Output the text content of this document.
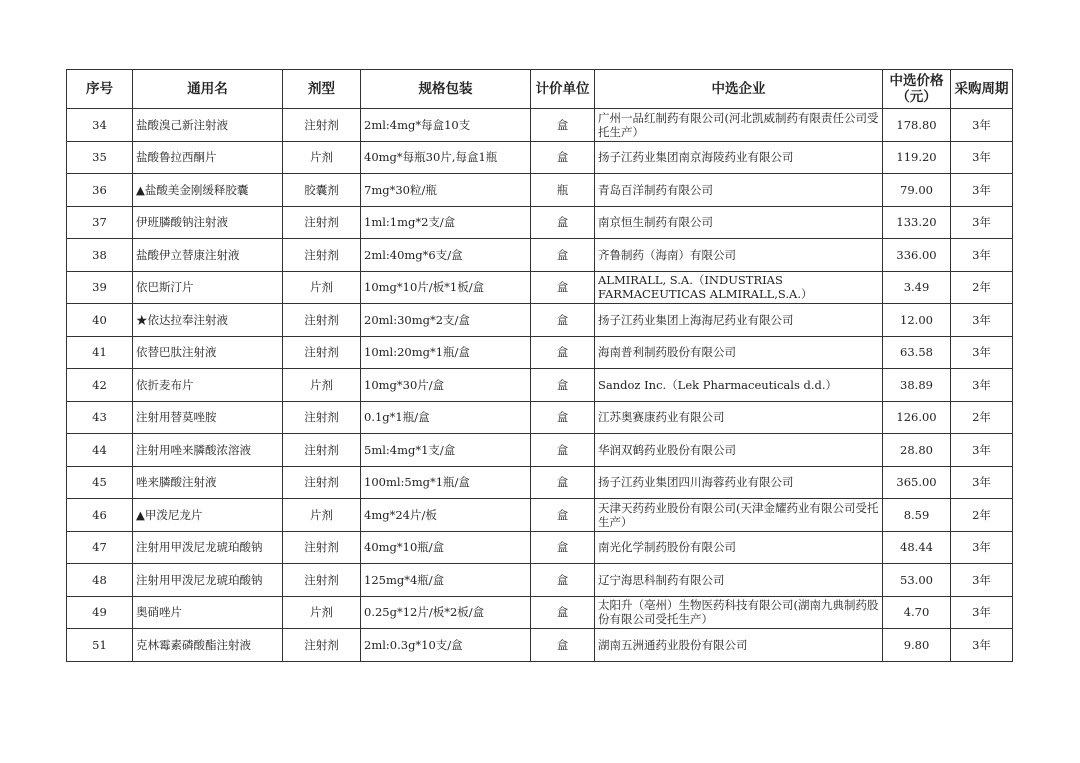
序号	通用名	剂型	规格包装	计价单位	中选企业	中选价格（元）	采购周期
34	盐酸溴己新注射液	注射剂	2ml:4mg*每盒10支	盒	广州一品红制药有限公司(河北凯威制药有限责任公司受托生产）	178.80	3年
35	盐酸鲁拉西酮片	片剂	40mg*每瓶30片,每盒1瓶	盒	扬子江药业集团南京海陵药业有限公司	119.20	3年
36	▲盐酸美金刚缓释胶囊	胶囊剂	7mg*30粒/瓶	瓶	青岛百洋制药有限公司	79.00	3年
37	伊班膦酸钠注射液	注射剂	1ml:1mg*2支/盒	盒	南京恒生制药有限公司	133.20	3年
38	盐酸伊立替康注射液	注射剂	2ml:40mg*6支/盒	盒	齐鲁制药（海南）有限公司	336.00	3年
39	依巴斯汀片	片剂	10mg*10片/板*1板/盒	盒	ALMIRALL, S.A.（INDUSTRIAS FARMACEUTICAS ALMIRALL,S.A.）	3.49	2年
40	★依达拉奉注射液	注射剂	20ml:30mg*2支/盒	盒	扬子江药业集团上海海尼药业有限公司	12.00	3年
41	依替巴肽注射液	注射剂	10ml:20mg*1瓶/盒	盒	海南普利制药股份有限公司	63.58	3年
42	依折麦布片	片剂	10mg*30片/盒	盒	Sandoz Inc.（Lek Pharmaceuticals d.d.）	38.89	3年
43	注射用替莫唑胺	注射剂	0.1g*1瓶/盒	盒	江苏奥赛康药业有限公司	126.00	2年
44	注射用唑来膦酸浓溶液	注射剂	5ml:4mg*1支/盒	盒	华润双鹤药业股份有限公司	28.80	3年
45	唑来膦酸注射液	注射剂	100ml:5mg*1瓶/盒	盒	扬子江药业集团四川海蓉药业有限公司	365.00	3年
46	▲甲泼尼龙片	片剂	4mg*24片/板	盒	天津天药药业股份有限公司(天津金耀药业有限公司受托生产）	8.59	2年
47	注射用甲泼尼龙琥珀酸钠	注射剂	40mg*10瓶/盒	盒	南光化学制药股份有限公司	48.44	3年
48	注射用甲泼尼龙琥珀酸钠	注射剂	125mg*4瓶/盒	盒	辽宁海思科制药有限公司	53.00	3年
49	奥硝唑片	片剂	0.25g*12片/板*2板/盒	盒	太阳升（亳州）生物医药科技有限公司(湖南九典制药股份有限公司受托生产）	4.70	3年
51	克林霉素磷酸酯注射液	注射剂	2ml:0.3g*10支/盒	盒	湖南五洲通药业股份有限公司	9.80	3年
